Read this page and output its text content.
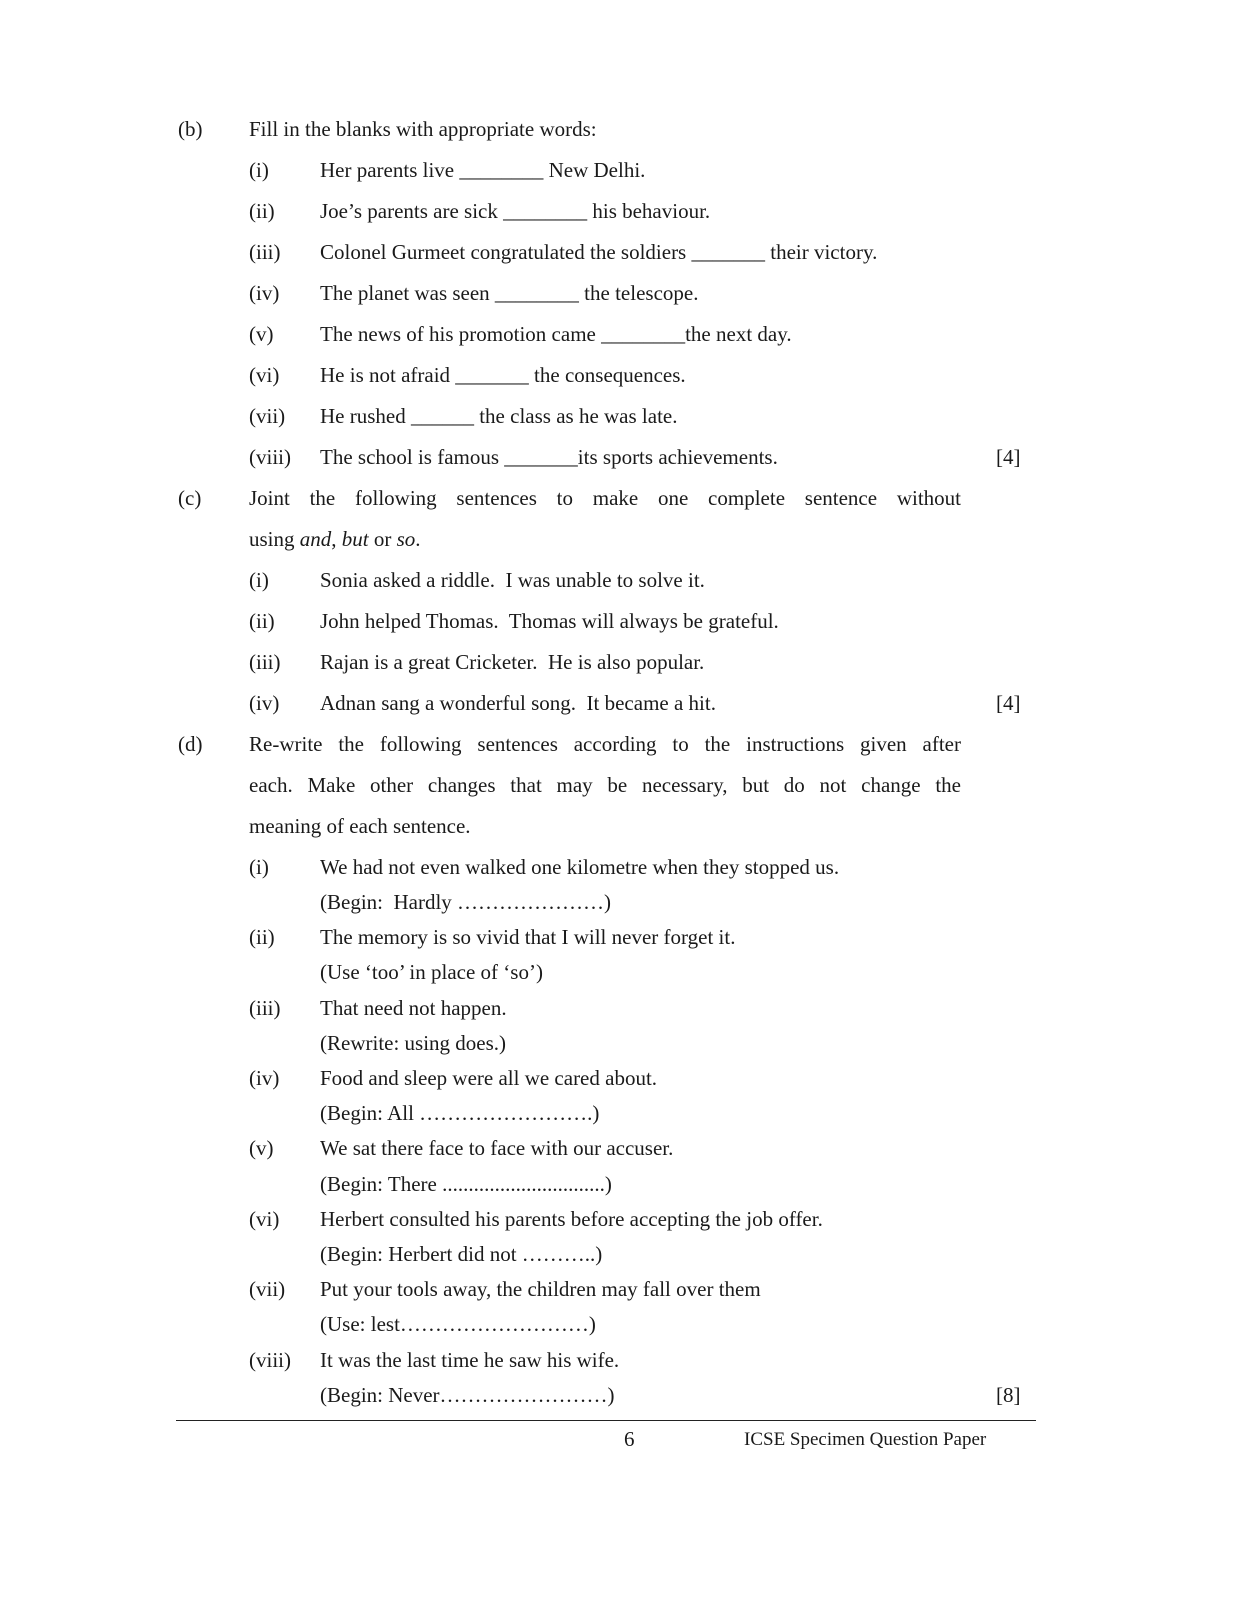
(b) Fill in the blanks with appropriate words:
(i) Her parents live ________ New Delhi.
(ii) Joe’s parents are sick ________ his behaviour.
(iii) Colonel Gurmeet congratulated the soldiers _______ their victory.
(iv) The planet was seen ________ the telescope.
(v) The news of his promotion came ________the next day.
(vi) He is not afraid _______ the consequences.
(vii) He rushed ______ the class as he was late.
(viii) The school is famous _______its sports achievements.	[4]
(c) Joint the following sentences to make one complete sentence without
using and, but or so.
(i) Sonia asked a riddle.  I was unable to solve it.
(ii) John helped Thomas.  Thomas will always be grateful.
(iii) Rajan is a great Cricketer.  He is also popular.
(iv) Adnan sang a wonderful song.  It became a hit.	[4]
(d) Re-write the following sentences according to the instructions given after
each. Make other changes that may be necessary, but do not change the
meaning of each sentence.
(i) We had not even walked one kilometre when they stopped us.
(Begin:  Hardly …………………)
(ii) The memory is so vivid that I will never forget it.
(Use ‘too’ in place of ‘so’)
(iii) That need not happen.
(Rewrite: using does.)
(iv) Food and sleep were all we cared about.
(Begin: All …………………….)
(v) We sat there face to face with our accuser.
(Begin: There ...............................)
(vi) Herbert consulted his parents before accepting the job offer.
(Begin: Herbert did not ………..)
(vii) Put your tools away, the children may fall over them
(Use: lest………………………)
(viii) It was the last time he saw his wife.
(Begin: Never……………………)	[8]
6	ICSE Specimen Question Paper
